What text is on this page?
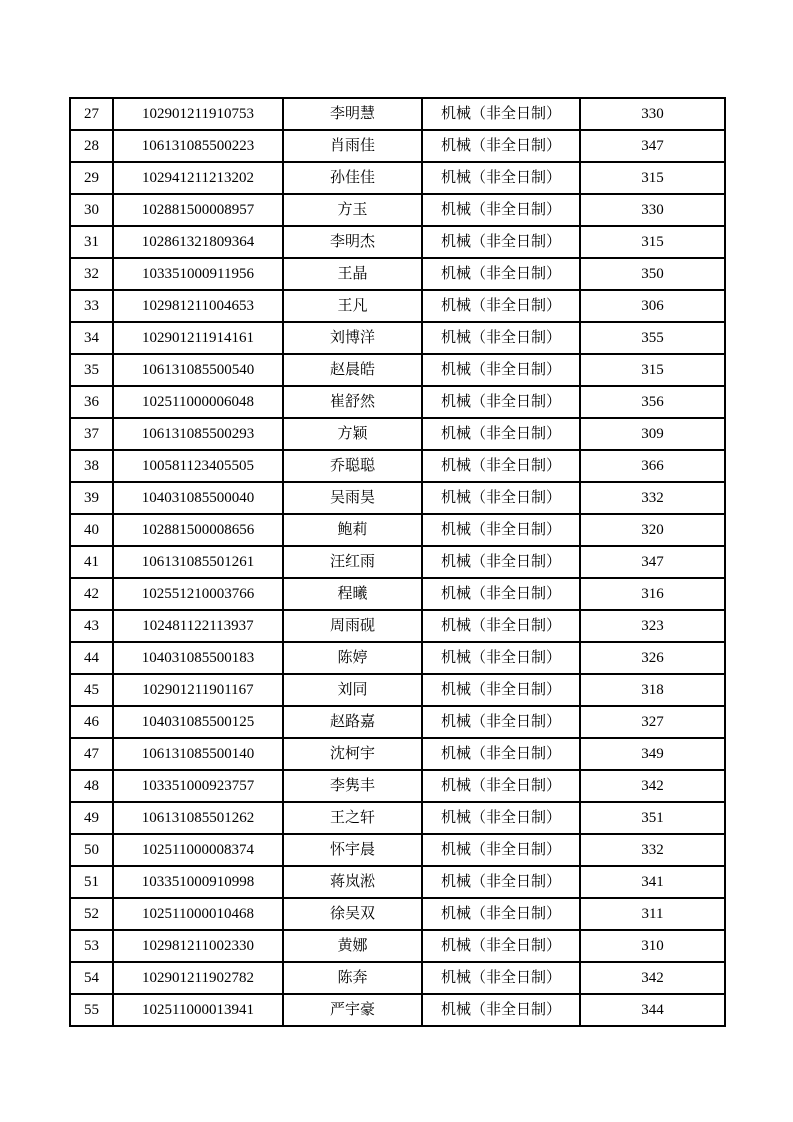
27	102901211910753	李明慧	机械（非全日制）	330
28	106131085500223	肖雨佳	机械（非全日制）	347
29	102941211213202	孙佳佳	机械（非全日制）	315
30	102881500008957	方玉	机械（非全日制）	330
31	102861321809364	李明杰	机械（非全日制）	315
32	103351000911956	王晶	机械（非全日制）	350
33	102981211004653	王凡	机械（非全日制）	306
34	102901211914161	刘博洋	机械（非全日制）	355
35	106131085500540	赵晨皓	机械（非全日制）	315
36	102511000006048	崔舒然	机械（非全日制）	356
37	106131085500293	方颖	机械（非全日制）	309
38	100581123405505	乔聪聪	机械（非全日制）	366
39	104031085500040	吴雨昊	机械（非全日制）	332
40	102881500008656	鲍莉	机械（非全日制）	320
41	106131085501261	汪红雨	机械（非全日制）	347
42	102551210003766	程曦	机械（非全日制）	316
43	102481122113937	周雨砚	机械（非全日制）	323
44	104031085500183	陈婷	机械（非全日制）	326
45	102901211901167	刘同	机械（非全日制）	318
46	104031085500125	赵路嘉	机械（非全日制）	327
47	106131085500140	沈柯宇	机械（非全日制）	349
48	103351000923757	李隽丰	机械（非全日制）	342
49	106131085501262	王之轩	机械（非全日制）	351
50	102511000008374	怀宇晨	机械（非全日制）	332
51	103351000910998	蒋岚淞	机械（非全日制）	341
52	102511000010468	徐吴双	机械（非全日制）	311
53	102981211002330	黄娜	机械（非全日制）	310
54	102901211902782	陈奔	机械（非全日制）	342
55	102511000013941	严宇豪	机械（非全日制）	344
